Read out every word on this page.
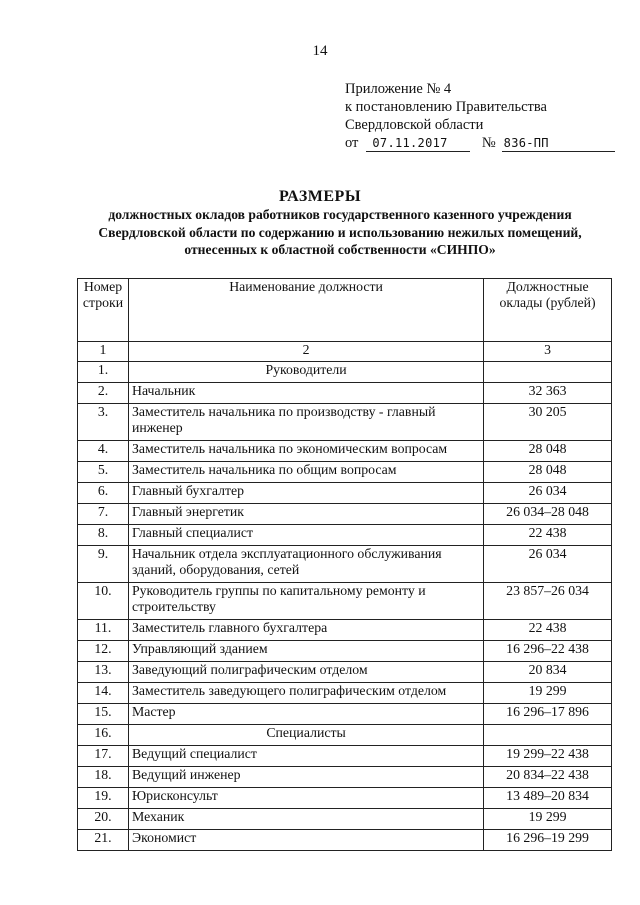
14
Приложение № 4
к постановлению Правительства
Свердловской области
от	07.11.2017	№ 836-ПП
РАЗМЕРЫ
должностных окладов работников государственного казенного учреждения Свердловской области по содержанию и использованию нежилых помещений, отнесенных к областной собственности «СИНПО»
Номер строки	Наименование должности	Должностные оклады (рублей)
1	2	3
1.	Руководители	
2.	Начальник	32 363
3.	Заместитель начальника по производству - главный инженер	30 205
4.	Заместитель начальника по экономическим вопросам	28 048
5.	Заместитель начальника по общим вопросам	28 048
6.	Главный бухгалтер	26 034
7.	Главный энергетик	26 034–28 048
8.	Главный специалист	22 438
9.	Начальник отдела эксплуатационного обслуживания зданий, оборудования, сетей	26 034
10.	Руководитель группы по капитальному ремонту и строительству	23 857–26 034
11.	Заместитель главного бухгалтера	22 438
12.	Управляющий зданием	16 296–22 438
13.	Заведующий полиграфическим отделом	20 834
14.	Заместитель заведующего полиграфическим отделом	19 299
15.	Мастер	16 296–17 896
16.	Специалисты	
17.	Ведущий специалист	19 299–22 438
18.	Ведущий инженер	20 834–22 438
19.	Юрисконсульт	13 489–20 834
20.	Механик	19 299
21.	Экономист	16 296–19 299
